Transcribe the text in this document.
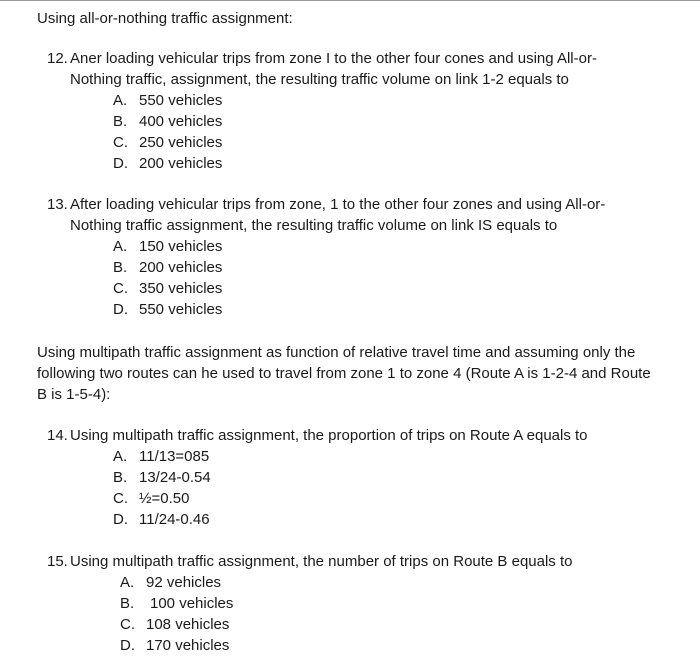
Using all-or-nothing traffic assignment:

12. Aner loading vehicular trips from zone I to the other four cones and using All-or-Nothing traffic, assignment, the resulting traffic volume on link 1-2 equals to
A. 550 vehicles
B. 400 vehicles
C. 250 vehicles
D. 200 vehicles
13. After loading vehicular trips from zone, 1 to the other four zones and using All-or-Nothing traffic assignment, the resulting traffic volume on link IS equals to
A. 150 vehicles
B. 200 vehicles
C. 350 vehicles
D. 550 vehicles

Using multipath traffic assignment as function of relative travel time and assuming only the following two routes can he used to travel from zone 1 to zone 4 (Route A is 1-2-4 and Route B is 1-5-4):

14. Using multipath traffic assignment, the proportion of trips on Route A equals to
A. 11/13=085
B. 13/24-0.54
C. ½=0.50
D. 11/24-0.46
15. Using multipath traffic assignment, the number of trips on Route B equals to
A. 92 vehicles
B.	100 vehicles
C. 108 vehicles
D. 170 vehicles
